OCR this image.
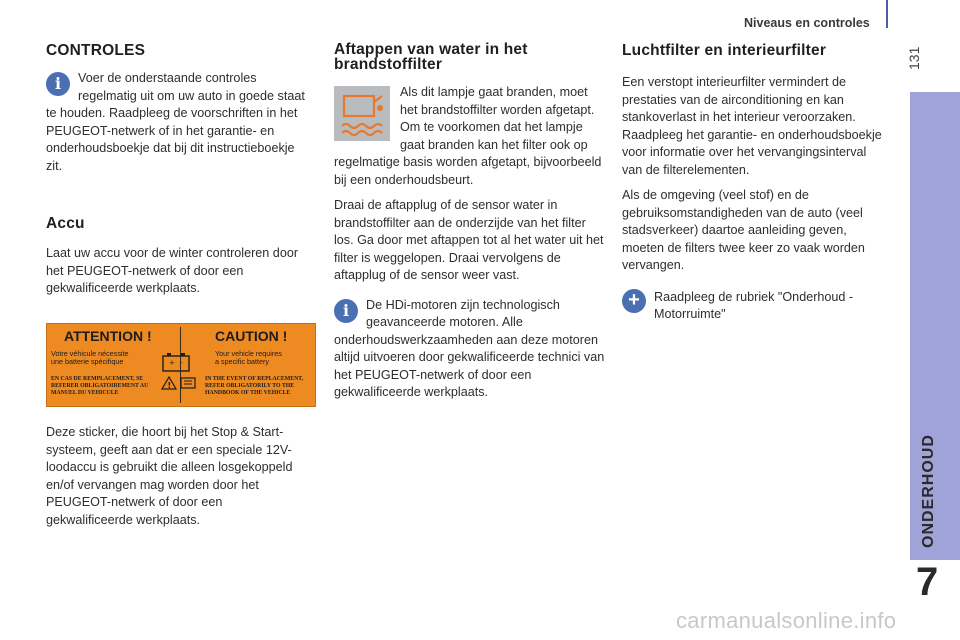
Niveaus en controles
131
ONDERHOUD
7
CONTROLES
i	Voer de onderstaande controles regelmatig uit om uw auto in goede staat te houden. Raadpleeg de voorschriften in het PEUGEOT-netwerk of in het garantie- en onderhoudsboekje dat bij dit instructieboekje zit.

Accu

Laat uw accu voor de winter controleren door het PEUGEOT-netwerk of door een gekwalificeerde werkplaats.

ATTENTION !
Votre véhicule nécessite
une batterie spécifique
EN CAS DE REMPLACEMENT, SE REFERER OBLIGATOIREMENT AU MANUEL DU VEHICULE
CAUTION !
Your vehicle requires
a specific battery
IN THE EVENT OF REPLACEMENT, REFER OBLIGATORILY TO THE HANDBOOK OF THE VEHICLE
+ -
!

Deze sticker, die hoort bij het Stop & Start-systeem, geeft aan dat er een speciale 12V-loodaccu is gebruikt die alleen losgekoppeld en/of vervangen mag worden door het PEUGEOT-netwerk of door een gekwalificeerde werkplaats.

Aftappen van water in het
brandstoffilter

Als dit lampje gaat branden, moet het brandstoffilter worden afgetapt. Om te voorkomen dat het lampje gaat branden kan het filter ook op regelmatige basis worden afgetapt, bijvoorbeeld bij een onderhoudsbeurt.

Draai de aftapplug of de sensor water in brandstoffilter aan de onderzijde van het filter los. Ga door met aftappen tot al het water uit het filter is weggelopen. Draai vervolgens de aftapplug of de sensor weer vast.

i	De HDi-motoren zijn technologisch geavanceerde motoren. Alle onderhoudswerkzaamheden aan deze motoren altijd uitvoeren door gekwalificeerde technici van het PEUGEOT-netwerk of door een gekwalificeerde werkplaats.

Luchtfilter en interieurfilter

Een verstopt interieurfilter vermindert de prestaties van de airconditioning en kan stankoverlast in het interieur veroorzaken. Raadpleeg het garantie- en onderhoudsboekje voor informatie over het vervangingsinterval van de filterelementen.

Als de omgeving (veel stof) en de gebruiksomstandigheden van de auto (veel stadsverkeer) daartoe aanleiding geven, moeten de filters twee keer zo vaak worden vervangen.

+	Raadpleeg de rubriek "Onderhoud - Motorruimte"

carmanualsonline.info
